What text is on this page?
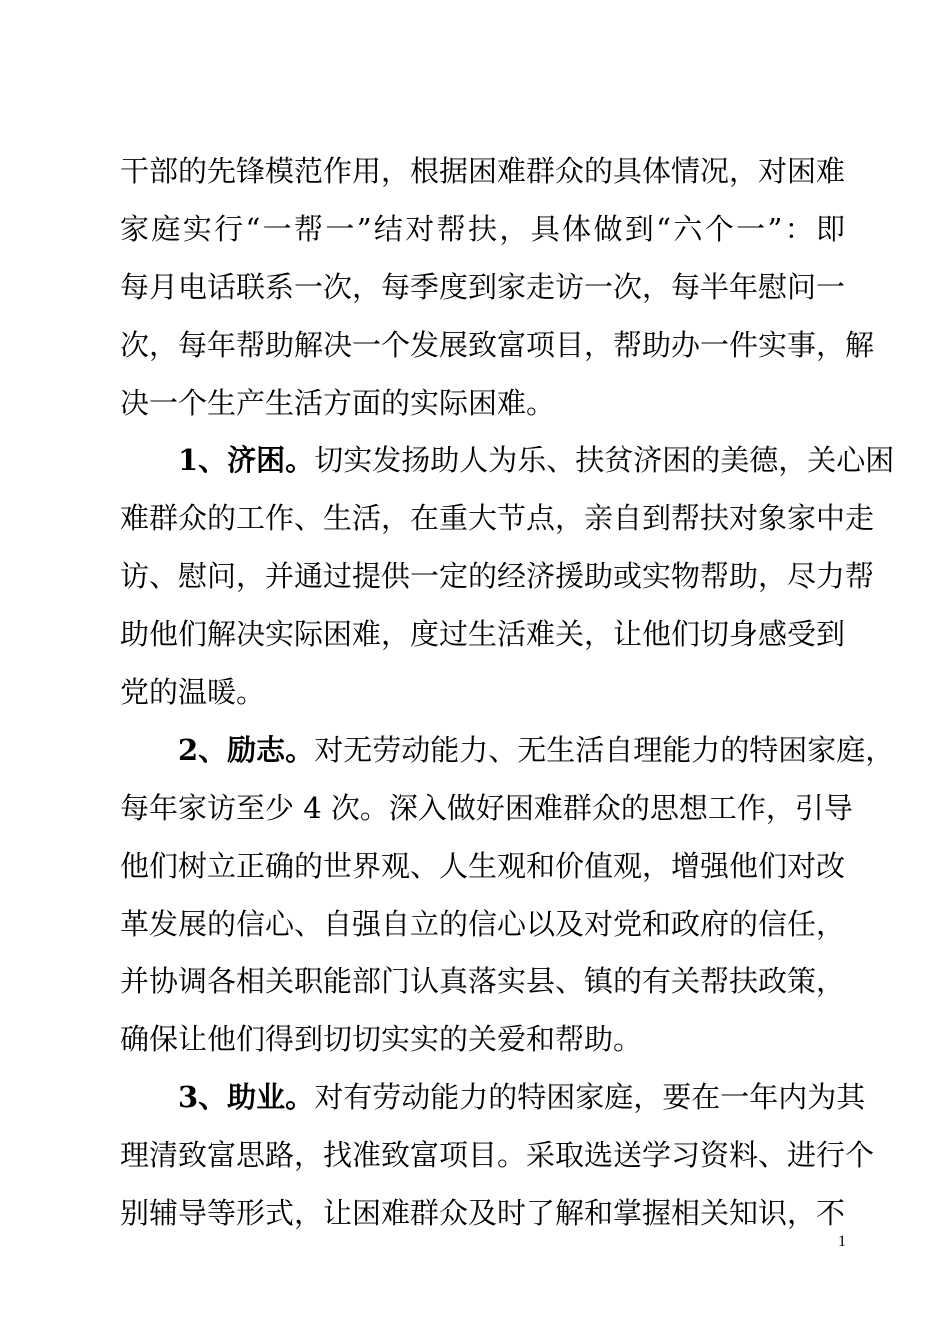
干部的先锋模范作用，根据困难群众的具体情况，对困难
家庭实行“一帮一”结对帮扶，具体做到“六个一”：即
每月电话联系一次，每季度到家走访一次，每半年慰问一
次，每年帮助解决一个发展致富项目，帮助办一件实事，解
决一个生产生活方面的实际困难。
1、济困。切实发扬助人为乐、扶贫济困的美德，关心困
难群众的工作、生活，在重大节点，亲自到帮扶对象家中走
访、慰问，并通过提供一定的经济援助或实物帮助，尽力帮
助他们解决实际困难，度过生活难关，让他们切身感受到
党的温暖。
2、励志。对无劳动能力、无生活自理能力的特困家庭，
每年家访至少 4 次。深入做好困难群众的思想工作，引导
他们树立正确的世界观、人生观和价值观，增强他们对改
革发展的信心、自强自立的信心以及对党和政府的信任，
并协调各相关职能部门认真落实县、镇的有关帮扶政策，
确保让他们得到切切实实的关爱和帮助。
3、助业。对有劳动能力的特困家庭，要在一年内为其
理清致富思路，找准致富项目。采取选送学习资料、进行个
别辅导等形式，让困难群众及时了解和掌握相关知识，不
1
